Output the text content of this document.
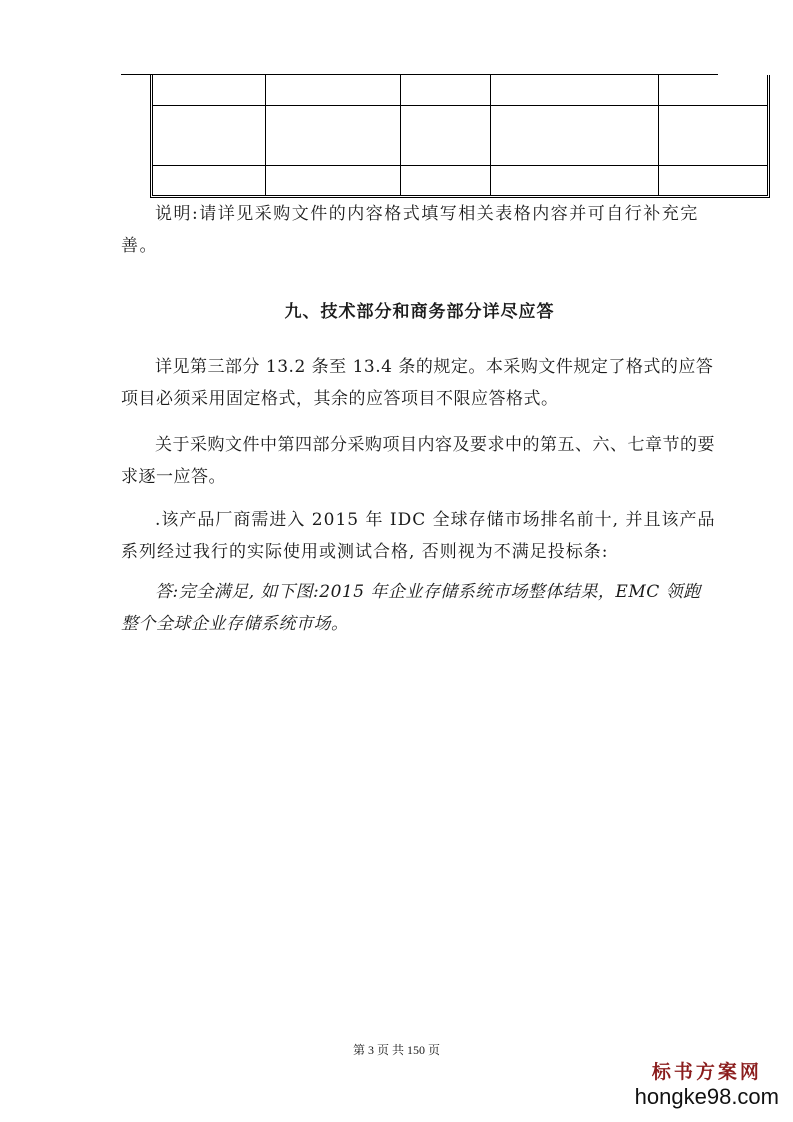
说明:请详见采购文件的内容格式填写相关表格内容并可自行补充完善。

九、技术部分和商务部分详尽应答

详见第三部分 13.2 条至 13.4 条的规定。本采购文件规定了格式的应答项目必须采用固定格式，其余的应答项目不限应答格式。

关于采购文件中第四部分采购项目内容及要求中的第五、六、七章节的要求逐一应答。

.该产品厂商需进入 2015 年 IDC 全球存储市场排名前十, 并且该产品系列经过我行的实际使用或测试合格, 否则视为不满足投标条:

答:完全满足, 如下图:2015 年企业存储系统市场整体结果，EMC 领跑整个全球企业存储系统市场。

第 3 页 共 150 页
标书方案网
hongke98.com
